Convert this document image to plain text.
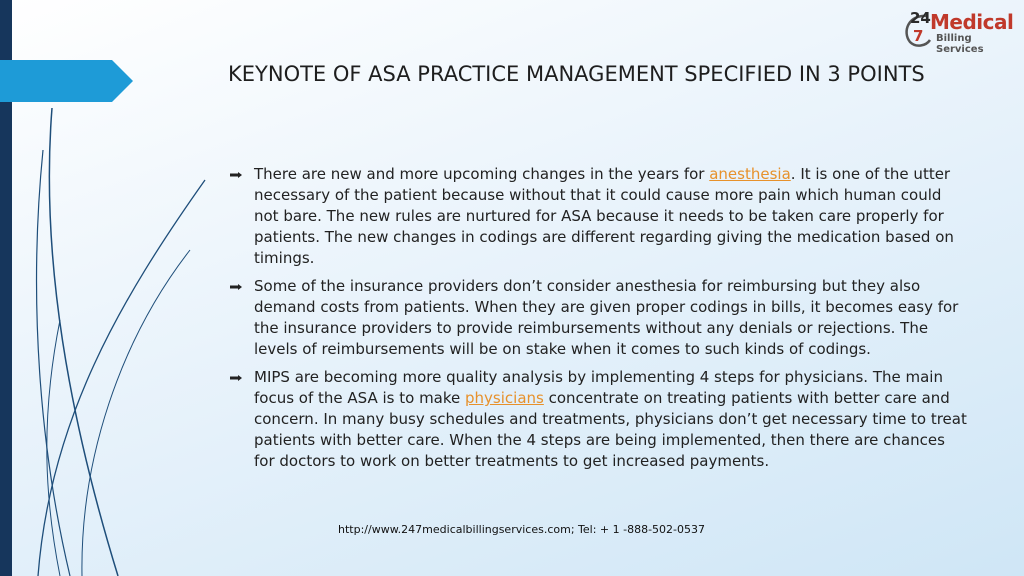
24
7
Medical
Billing Services
KEYNOTE OF ASA PRACTICE MANAGEMENT SPECIFIED IN 3 POINTS
There are new and more upcoming changes in the years for anesthesia. It is one of the utter necessary of the patient because without that it could cause more pain which human could not bare. The new rules are nurtured for ASA because it needs to be taken care properly for patients. The new changes in codings are different regarding giving the medication based on timings.
Some of the insurance providers don’t consider anesthesia for reimbursing but they also demand costs from patients. When they are given proper codings in bills, it becomes easy for the insurance providers to provide reimbursements without any denials or rejections. The levels of reimbursements will be on stake when it comes to such kinds of codings.
MIPS are becoming more quality analysis by implementing 4 steps for physicians. The main focus of the ASA is to make physicians concentrate on treating patients with better care and concern. In many busy schedules and treatments, physicians don’t get necessary time to treat patients with better care. When the 4 steps are being implemented, then there are chances for doctors to work on better treatments to get increased payments.
http://www.247medicalbillingservices.com; Tel: + 1 -888-502-0537
